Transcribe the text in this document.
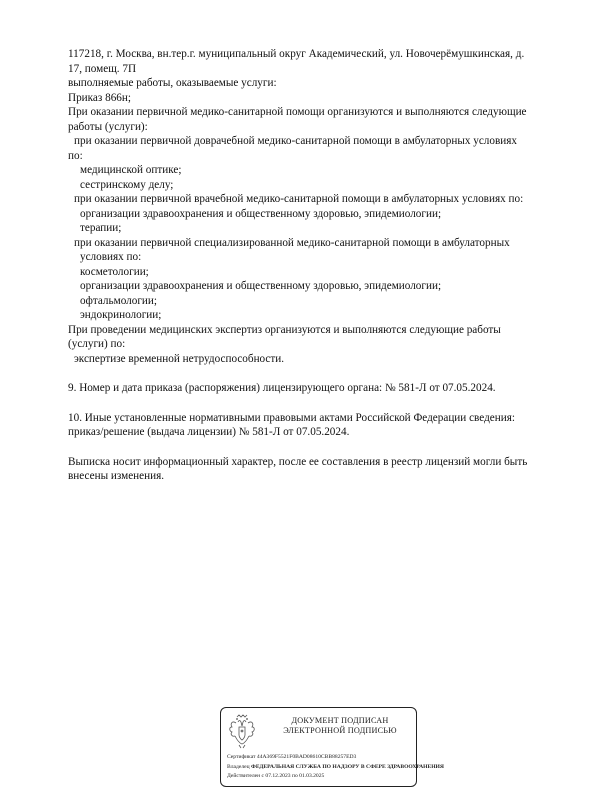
117218, г. Москва, вн.тер.г. муниципальный округ Академический, ул. Новочерёмушкинская, д.
17, помещ. 7П
выполняемые работы, оказываемые услуги:
Приказ 866н;
При оказании первичной медико-санитарной помощи организуются и выполняются следующие
работы (услуги):
при оказании первичной доврачебной медико-санитарной помощи в амбулаторных условиях
по:
медицинской оптике;
сестринскому делу;
при оказании первичной врачебной медико-санитарной помощи в амбулаторных условиях по:
организации здравоохранения и общественному здоровью, эпидемиологии;
терапии;
при оказании первичной специализированной медико-санитарной помощи в амбулаторных
условиях по:
косметологии;
организации здравоохранения и общественному здоровью, эпидемиологии;
офтальмологии;
эндокринологии;
При проведении медицинских экспертиз организуются и выполняются следующие работы
(услуги) по:
экспертизе временной нетрудоспособности.
9. Номер и дата приказа (распоряжения) лицензирующего органа: № 581-Л от 07.05.2024.
10. Иные установленные нормативными правовыми актами Российской Федерации сведения:
приказ/решение (выдача лицензии) № 581-Л от 07.05.2024.
Выписка носит информационный характер, после ее составления в реестр лицензий могли быть
внесены изменения.
ДОКУМЕНТ ПОДПИСАН
ЭЛЕКТРОННОЙ ПОДПИСЬЮ
Сертификат 44A369F5521F0BAD08610CBB88257ED3
Владелец ФЕДЕРАЛЬНАЯ СЛУЖБА ПО НАДЗОРУ В СФЕРЕ ЗДРАВООХРАНЕНИЯ
Действителен с 07.12.2023 по 01.03.2025
